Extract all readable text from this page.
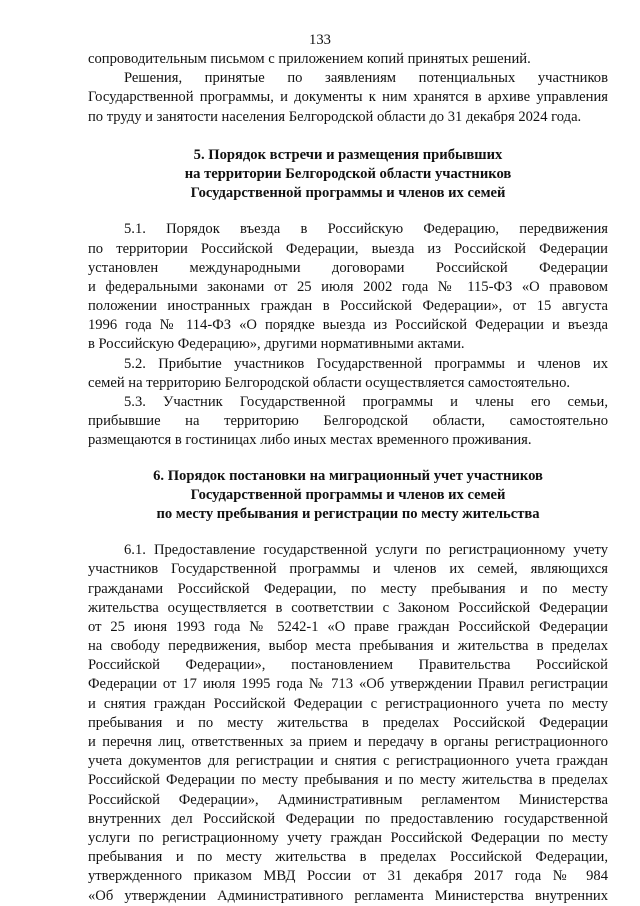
133
сопроводительным письмом с приложением копий принятых решений.
Решения, принятые по заявлениям потенциальных участников
Государственной программы, и документы к ним хранятся в архиве управления
по труду и занятости населения Белгородской области до 31 декабря 2024 года.
5. Порядок встречи и размещения прибывших
на территории Белгородской области участников
Государственной программы и членов их семей
5.1. Порядок въезда в Российскую Федерацию, передвижения
по территории Российской Федерации, выезда из Российской Федерации
установлен международными договорами Российской Федерации
и федеральными законами от 25 июля 2002 года № 115-ФЗ «О правовом
положении иностранных граждан в Российской Федерации», от 15 августа
1996 года № 114-ФЗ «О порядке выезда из Российской Федерации и въезда
в Российскую Федерацию», другими нормативными актами.
5.2. Прибытие участников Государственной программы и членов их
семей на территорию Белгородской области осуществляется самостоятельно.
5.3. Участник Государственной программы и члены его семьи,
прибывшие на территорию Белгородской области, самостоятельно
размещаются в гостиницах либо иных местах временного проживания.
6. Порядок постановки на миграционный учет участников
Государственной программы и членов их семей
по месту пребывания и регистрации по месту жительства
6.1. Предоставление государственной услуги по регистрационному учету
участников Государственной программы и членов их семей, являющихся
гражданами Российской Федерации, по месту пребывания и по месту
жительства осуществляется в соответствии с Законом Российской Федерации
от 25 июня 1993 года № 5242-1 «О праве граждан Российской Федерации
на свободу передвижения, выбор места пребывания и жительства в пределах
Российской Федерации», постановлением Правительства Российской
Федерации от 17 июля 1995 года № 713 «Об утверждении Правил регистрации
и снятия граждан Российской Федерации с регистрационного учета по месту
пребывания и по месту жительства в пределах Российской Федерации
и перечня лиц, ответственных за прием и передачу в органы регистрационного
учета документов для регистрации и снятия с регистрационного учета граждан
Российской Федерации по месту пребывания и по месту жительства в пределах
Российской Федерации», Административным регламентом Министерства
внутренних дел Российской Федерации по предоставлению государственной
услуги по регистрационному учету граждан Российской Федерации по месту
пребывания и по месту жительства в пределах Российской Федерации,
утвержденного приказом МВД России от 31 декабря 2017 года № 984
«Об утверждении Административного регламента Министерства внутренних
